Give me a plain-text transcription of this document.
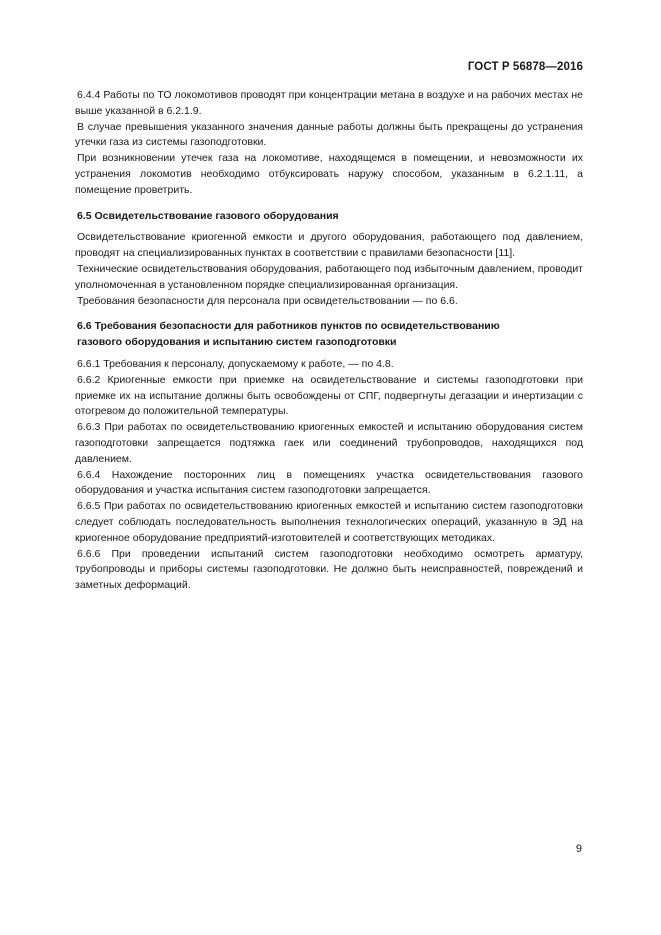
ГОСТ Р 56878—2016

6.4.4 Работы по ТО локомотивов проводят при концентрации метана в воздухе и на рабочих местах не выше указанной в 6.2.1.9.

В случае превышения указанного значения данные работы должны быть прекращены до устранения утечки газа из системы газоподготовки.

При возникновении утечек газа на локомотиве, находящемся в помещении, и невозможности их устранения локомотив необходимо отбуксировать наружу способом, указанным в 6.2.1.11, а помещение проветрить.

6.5 Освидетельствование газового оборудования

Освидетельствование криогенной емкости и другого оборудования, работающего под давлением, проводят на специализированных пунктах в соответствии с правилами безопасности [11].

Технические освидетельствования оборудования, работающего под избыточным давлением, проводит уполномоченная в установленном порядке специализированная организация.

Требования безопасности для персонала при освидетельствовании — по 6.6.

6.6 Требования безопасности для работников пунктов по освидетельствованию
газового оборудования и испытанию систем газоподготовки

6.6.1 Требования к персоналу, допускаемому к работе, — по 4.8.

6.6.2 Криогенные емкости при приемке на освидетельствование и системы газоподготовки при приемке их на испытание должны быть освобождены от СПГ, подвергнуты дегазации и инертизации с отогревом до положительной температуры.

6.6.3 При работах по освидетельствованию криогенных емкостей и испытанию оборудования систем газоподготовки запрещается подтяжка гаек или соединений трубопроводов, находящихся под давлением.

6.6.4 Нахождение посторонних лиц в помещениях участка освидетельствования газового оборудования и участка испытания систем газоподготовки запрещается.

6.6.5 При работах по освидетельствованию криогенных емкостей и испытанию систем газоподготовки следует соблюдать последовательность выполнения технологических операций, указанную в ЭД на криогенное оборудование предприятий-изготовителей и соответствующих методиках.

6.6.6 При проведении испытаний систем газоподготовки необходимо осмотреть арматуру, трубопроводы и приборы системы газоподготовки. Не должно быть неисправностей, повреждений и заметных деформаций.

9
